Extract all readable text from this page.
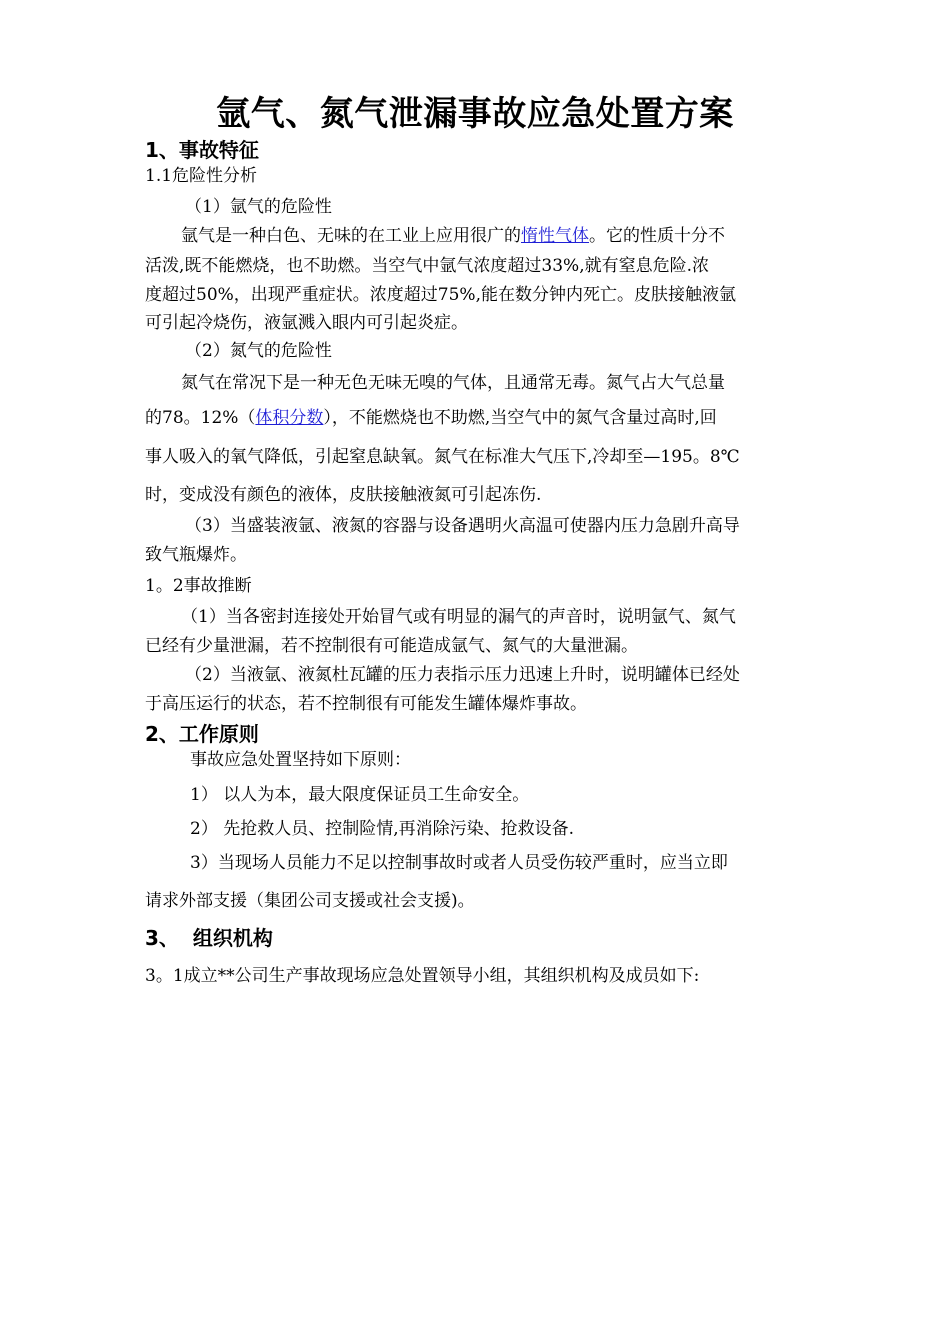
氩气、氮气泄漏事故应急处置方案
1、事故特征
1.1危险性分析
（1）氩气的危险性
氩气是一种白色、无味的在工业上应用很广的惰性气体。它的性质十分不
活泼,既不能燃烧，也不助燃。当空气中氩气浓度超过33%,就有窒息危险.浓
度超过50%，出现严重症状。浓度超过75%,能在数分钟内死亡。皮肤接触液氩
可引起冷烧伤，液氩溅入眼内可引起炎症。
（2）氮气的危险性
氮气在常况下是一种无色无味无嗅的气体，且通常无毒。氮气占大气总量
的78。12%（体积分数），不能燃烧也不助燃,当空气中的氮气含量过高时,回
事人吸入的氧气降低，引起窒息缺氧。氮气在标准大气压下,冷却至—195。8℃
时，变成没有颜色的液体，皮肤接触液氮可引起冻伤.
（3）当盛装液氩、液氮的容器与设备遇明火高温可使器内压力急剧升高导
致气瓶爆炸。
1。2事故推断
（1）当各密封连接处开始冒气或有明显的漏气的声音时，说明氩气、氮气
已经有少量泄漏，若不控制很有可能造成氩气、氮气的大量泄漏。
（2）当液氩、液氮杜瓦罐的压力表指示压力迅速上升时，说明罐体已经处
于高压运行的状态，若不控制很有可能发生罐体爆炸事故。
2、工作原则
事故应急处置坚持如下原则：
1） 以人为本，最大限度保证员工生命安全。
2） 先抢救人员、控制险情,再消除污染、抢救设备.
3）当现场人员能力不足以控制事故时或者人员受伤较严重时，应当立即
请求外部支援（集团公司支援或社会支援)。
3、  组织机构
3。1成立**公司生产事故现场应急处置领导小组，其组织机构及成员如下:
